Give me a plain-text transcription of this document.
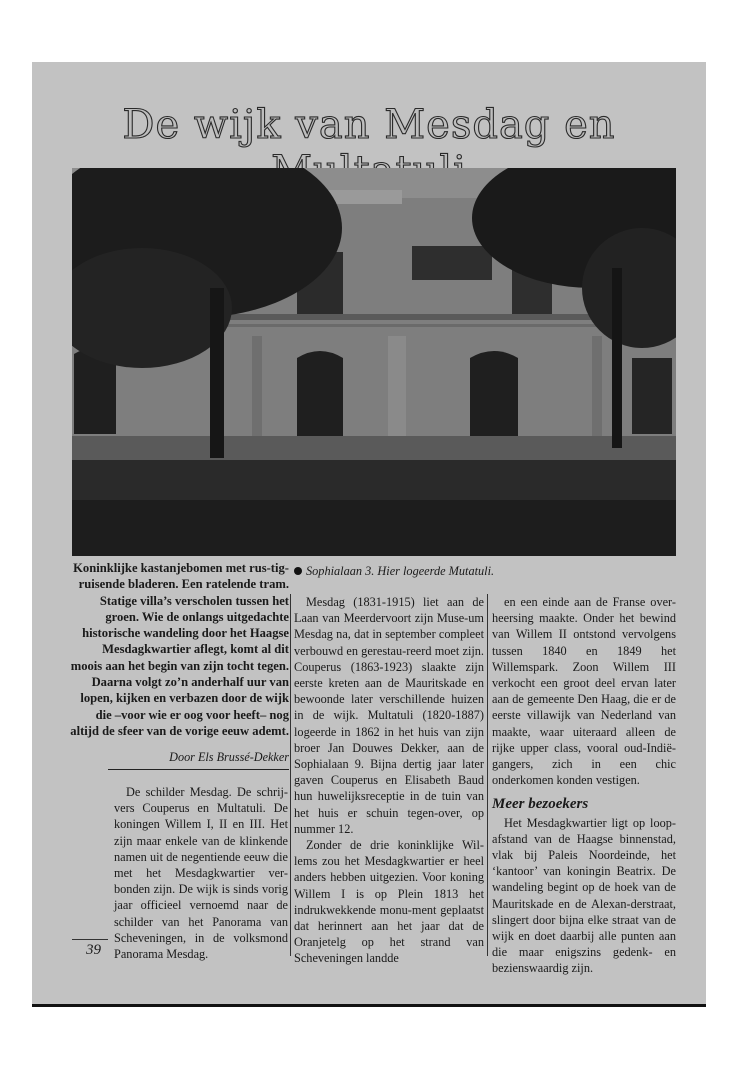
De wijk van Mesdag en

Koninklijke kastanjebomen met rus-tig-ruisende bladeren. Een ratelende tram. Statige villa’s verscholen tussen het groen. Wie de onlangs uitgedachte historische wandeling door het Haagse Mesdagkwartier aflegt, komt al dit moois aan het begin van zijn tocht tegen. Daarna volgt zo’n anderhalf uur van lopen, kijken en verbazen door de wijk die –voor wie er oog voor heeft– nog altijd de sfeer van de vorige eeuw ademt.

Door Els Brussé-Dekker
Sophialaan 3. Hier logeerde Mutatuli.

De schilder Mesdag. De schrij-vers Couperus en Multatuli. De koningen Willem I, II en III. Het zijn maar enkele van de klinkende namen uit de negentiende eeuw die met het Mesdagkwartier ver-bonden zijn. De wijk is sinds vorig jaar officieel vernoemd naar de schilder van het Panorama van Scheveningen, in de volksmond Panorama Mesdag.

Mesdag (1831-1915) liet aan de Laan van Meerdervoort zijn Muse-um Mesdag na, dat in september compleet verbouwd en gerestau-reerd moet zijn. Couperus (1863-1923) slaakte zijn eerste kreten aan de Mauritskade en bewoonde later verschillende huizen in de wijk. Multatuli (1820-1887) logeerde in 1862 in het huis van zijn broer Jan Douwes Dekker, aan de Sophialaan 9. Bijna dertig jaar later gaven Couperus en Elisabeth Baud hun huwelijksreceptie in de tuin van het huis er schuin tegen-over, op nummer 12.

Zonder de drie koninklijke Wil-lems zou het Mesdagkwartier er heel anders hebben uitgezien. Voor koning Willem I is op Plein 1813 het indrukwekkende monu-ment geplaatst dat herinnert aan het jaar dat de Oranjetelg op het strand van Scheveningen landde

en een einde aan de Franse over-heersing maakte. Onder het bewind van Willem II ontstond vervolgens tussen 1840 en 1849 het Willemspark. Zoon Willem III verkocht een groot deel ervan later aan de gemeente Den Haag, die er de eerste villawijk van Nederland van maakte, waar uiteraard alleen de rijke upper class, vooral oud-Indië-gangers, zich in een chic onderkomen konden vestigen.

Meer bezoekers

Het Mesdagkwartier ligt op loop-afstand van de Haagse binnenstad, vlak bij Paleis Noordeinde, het ‘kantoor’ van koningin Beatrix. De wandeling begint op de hoek van de Mauritskade en de Alexan-derstraat, slingert door bijna elke straat van de wijk en doet daarbij alle punten aan die maar enigszins gedenk- en bezienswaardig zijn.

39
